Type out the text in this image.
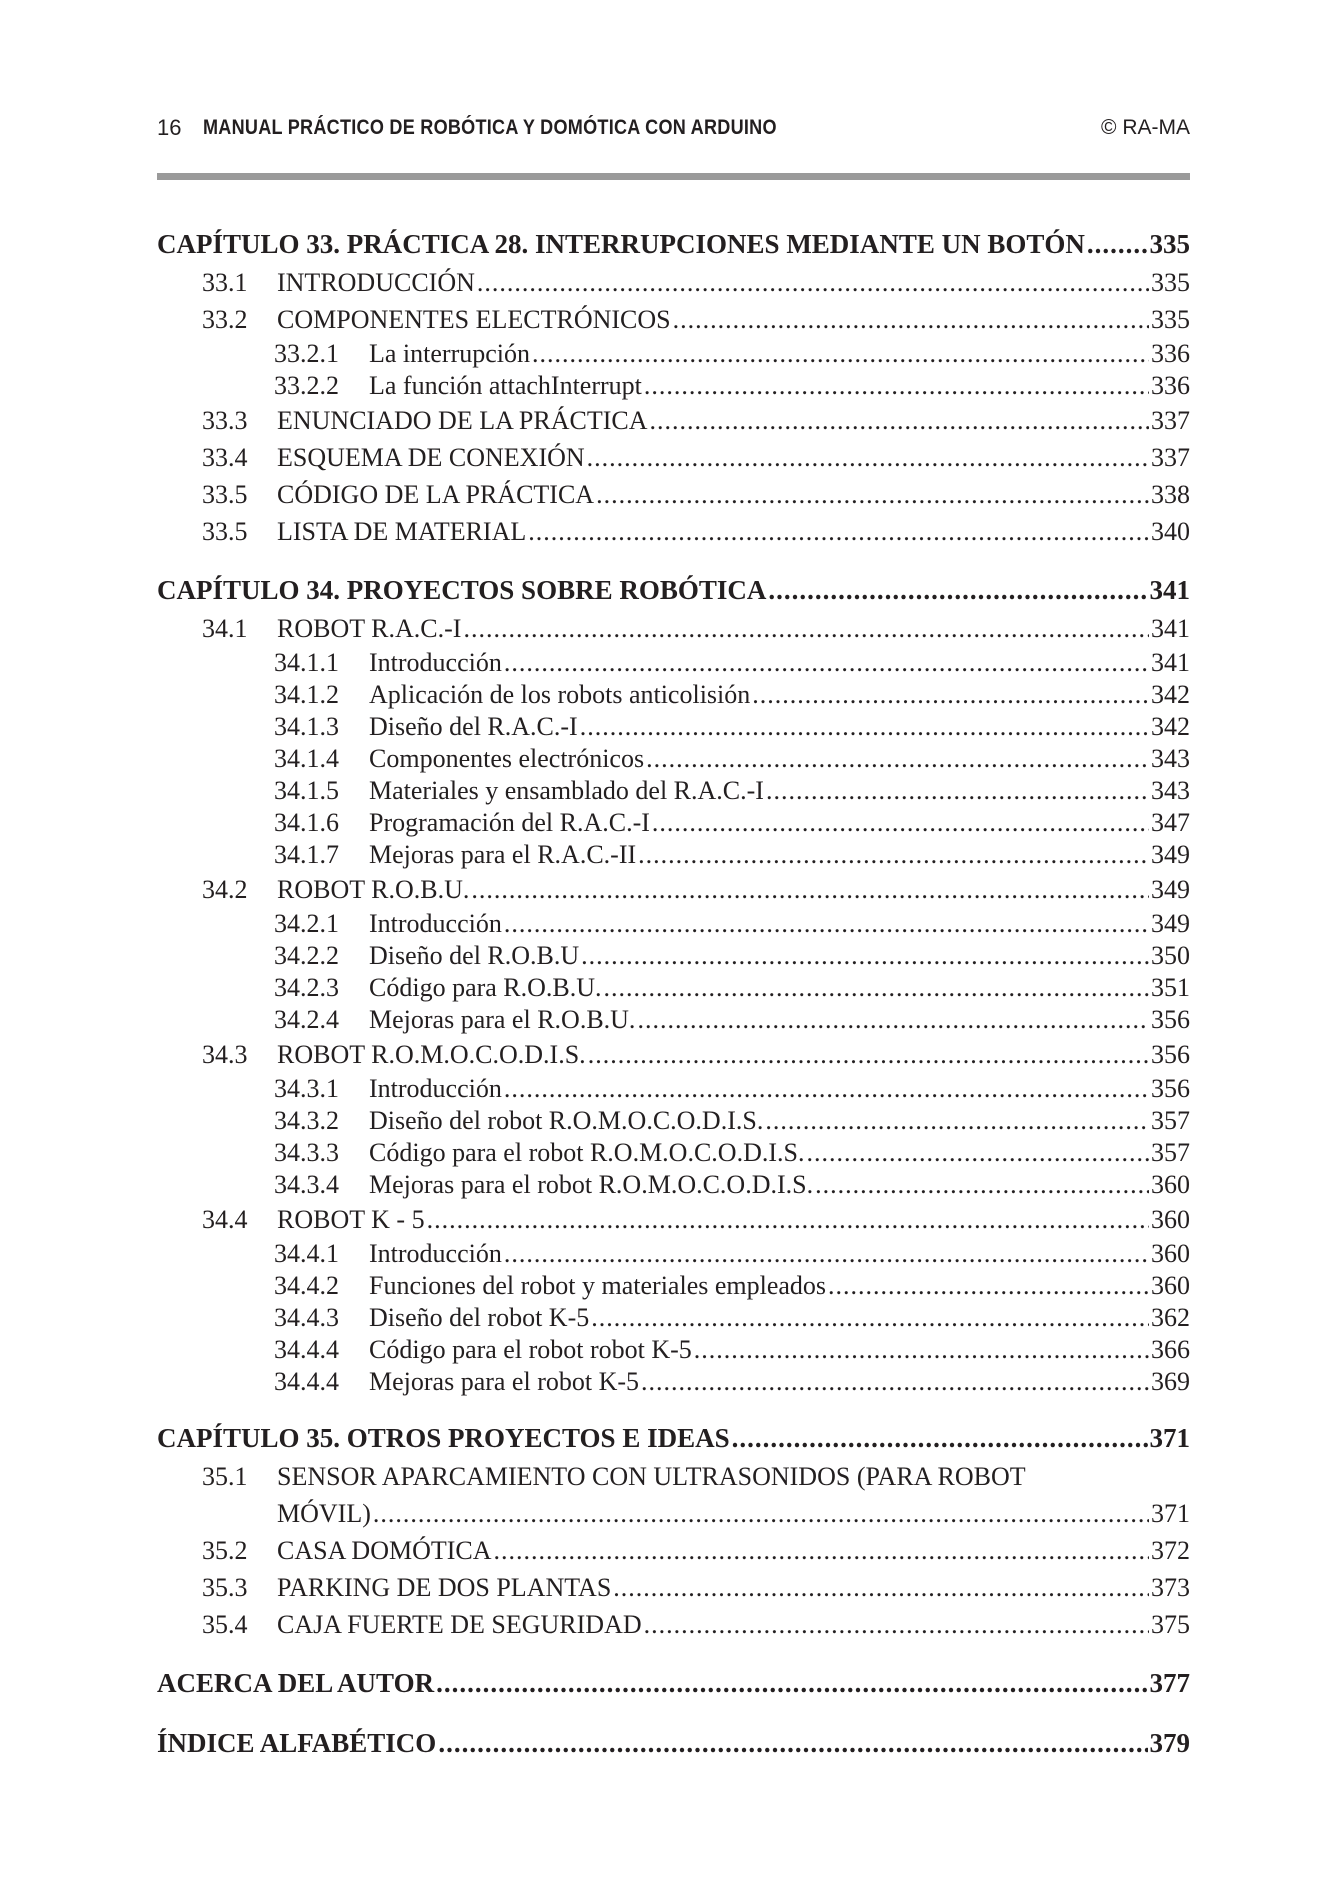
16	MANUAL PRÁCTICO DE ROBÓTICA Y DOMÓTICA CON ARDUINO	© RA-MA
CAPÍTULO 33. PRÁCTICA 28. INTERRUPCIONES MEDIANTE UN BOTÓN ..... 335
33.1	INTRODUCCIÓN .....	335
33.2	COMPONENTES ELECTRÓNICOS .....	335
33.2.1	La interrupción .....	336
33.2.2	La función attachInterrupt .....	336
33.3	ENUNCIADO DE LA PRÁCTICA .....	337
33.4	ESQUEMA DE CONEXIÓN .....	337
33.5	CÓDIGO DE LA PRÁCTICA .....	338
33.5	LISTA DE MATERIAL .....	340
CAPÍTULO 34. PROYECTOS SOBRE ROBÓTICA .....	341
34.1	ROBOT R.A.C.-I .....	341
34.1.1	Introducción .....	341
34.1.2	Aplicación de los robots anticolisión .....	342
34.1.3	Diseño del R.A.C.-I .....	342
34.1.4	Componentes electrónicos .....	343
34.1.5	Materiales y ensamblado del R.A.C.-I .....	343
34.1.6	Programación del R.A.C.-I .....	347
34.1.7	Mejoras para el R.A.C.-II .....	349
34.2	ROBOT R.O.B.U. .....	349
34.2.1	Introducción .....	349
34.2.2	Diseño del R.O.B.U .....	350
34.2.3	Código para R.O.B.U. .....	351
34.2.4	Mejoras para el R.O.B.U. .....	356
34.3	ROBOT R.O.M.O.C.O.D.I.S. .....	356
34.3.1	Introducción .....	356
34.3.2	Diseño del robot R.O.M.O.C.O.D.I.S. .....	357
34.3.3	Código para el robot R.O.M.O.C.O.D.I.S. .....	357
34.3.4	Mejoras para el robot R.O.M.O.C.O.D.I.S. .....	360
34.4	ROBOT K - 5 .....	360
34.4.1	Introducción .....	360
34.4.2	Funciones del robot y materiales empleados .....	360
34.4.3	Diseño del robot K-5 .....	362
34.4.4	Código para el robot robot K-5 .....	366
34.4.4	Mejoras para el robot K-5 .....	369
CAPÍTULO 35. OTROS PROYECTOS E IDEAS .....	371
35.1 SENSOR APARCAMIENTO CON ULTRASONIDOS (PARA ROBOT
MÓVIL) .....	371
35.2	CASA DOMÓTICA .....	372
35.3	PARKING DE DOS PLANTAS .....	373
35.4	CAJA FUERTE DE SEGURIDAD .....	375
ACERCA DEL AUTOR .....	377
ÍNDICE ALFABÉTICO .....	379
